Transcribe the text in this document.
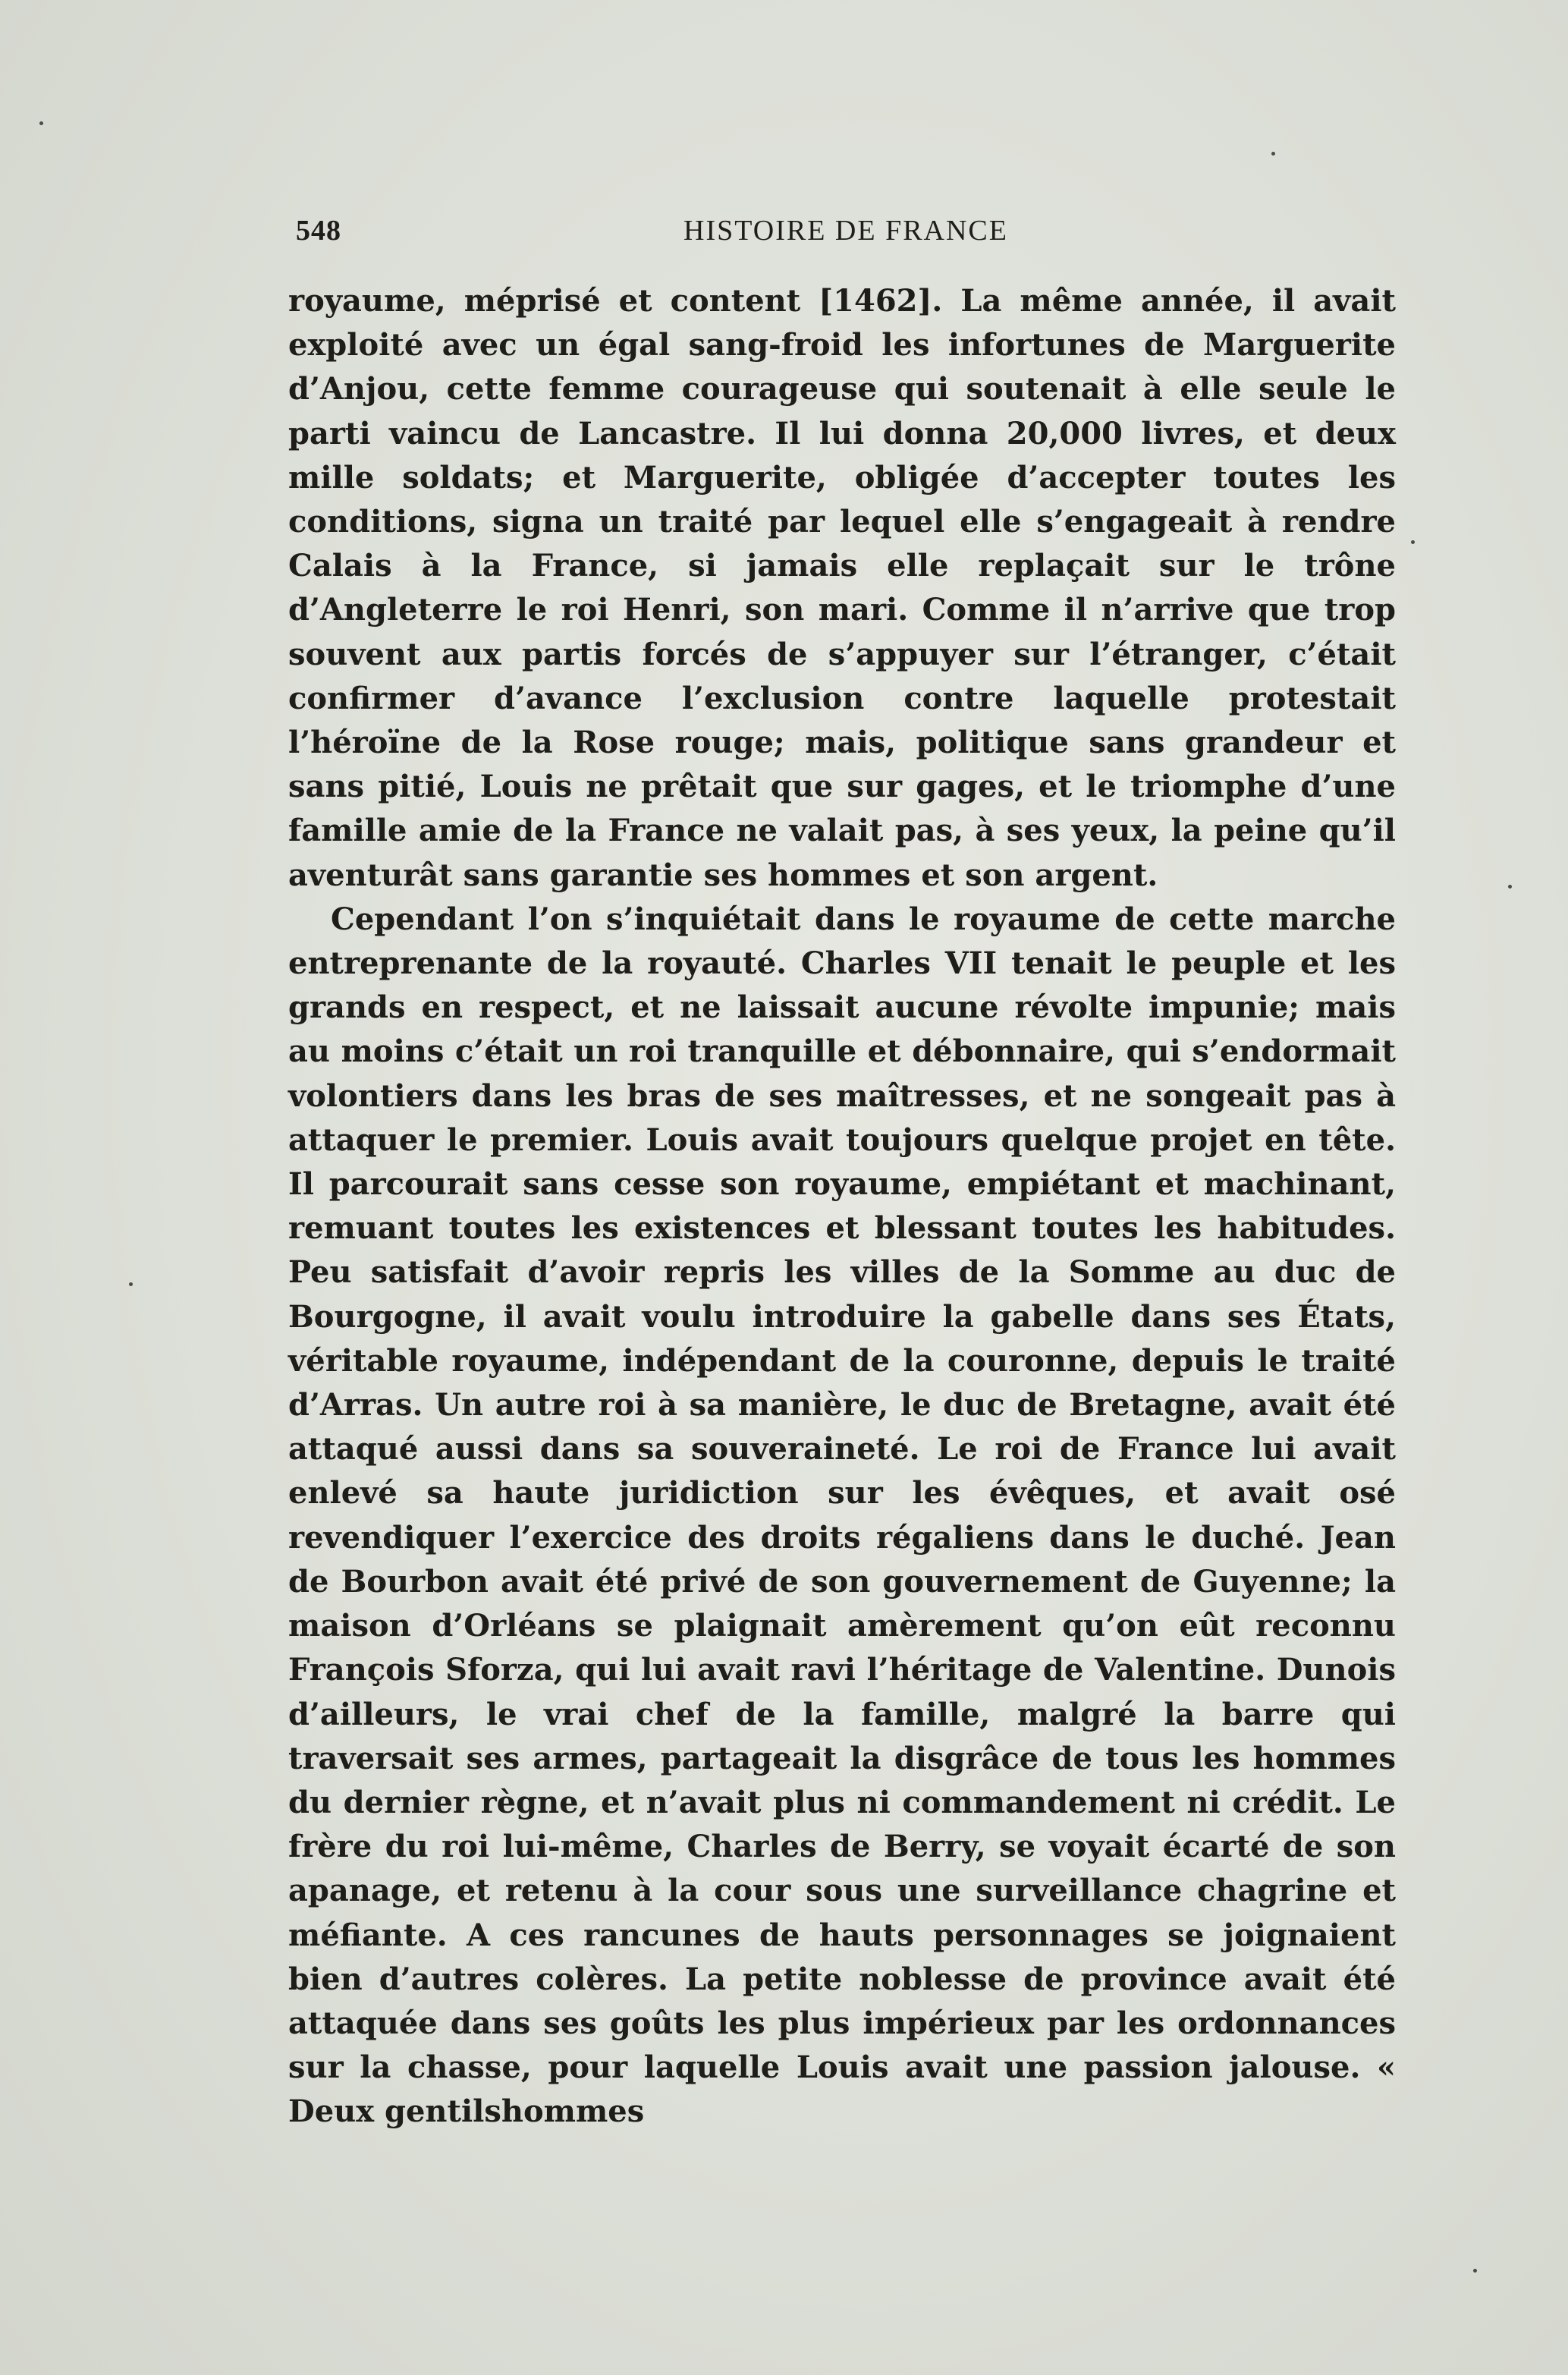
548	HISTOIRE DE FRANCE

royaume, méprisé et content [1462]. La même année, il avait exploité avec un égal sang-froid les infortunes de Marguerite d’Anjou, cette femme courageuse qui soutenait à elle seule le parti vaincu de Lancastre. Il lui donna 20,000 livres, et deux mille soldats; et Marguerite, obligée d’accepter toutes les conditions, signa un traité par lequel elle s’engageait à rendre Calais à la France, si jamais elle replaçait sur le trône d’Angleterre le roi Henri, son mari. Comme il n’arrive que trop souvent aux partis forcés de s’appuyer sur l’étranger, c’était confirmer d’avance l’exclusion contre laquelle protestait l’héroïne de la Rose rouge; mais, politique sans grandeur et sans pitié, Louis ne prêtait que sur gages, et le triomphe d’une famille amie de la France ne valait pas, à ses yeux, la peine qu’il aventurât sans garantie ses hommes et son argent.

Cependant l’on s’inquiétait dans le royaume de cette marche entreprenante de la royauté. Charles VII tenait le peuple et les grands en respect, et ne laissait aucune révolte impunie; mais au moins c’était un roi tranquille et débonnaire, qui s’endormait volontiers dans les bras de ses maîtresses, et ne songeait pas à attaquer le premier. Louis avait toujours quelque projet en tête. Il parcourait sans cesse son royaume, empiétant et machinant, remuant toutes les existences et blessant toutes les habitudes. Peu satisfait d’avoir repris les villes de la Somme au duc de Bourgogne, il avait voulu introduire la gabelle dans ses États, véritable royaume, indépendant de la couronne, depuis le traité d’Arras. Un autre roi à sa manière, le duc de Bretagne, avait été attaqué aussi dans sa souveraineté. Le roi de France lui avait enlevé sa haute juridiction sur les évêques, et avait osé revendiquer l’exercice des droits régaliens dans le duché. Jean de Bourbon avait été privé de son gouvernement de Guyenne; la maison d’Orléans se plaignait amèrement qu’on eût reconnu François Sforza, qui lui avait ravi l’héritage de Valentine. Dunois d’ailleurs, le vrai chef de la famille, malgré la barre qui traversait ses armes, partageait la disgrâce de tous les hommes du dernier règne, et n’avait plus ni commandement ni crédit. Le frère du roi lui-même, Charles de Berry, se voyait écarté de son apanage, et retenu à la cour sous une surveillance chagrine et méfiante. A ces rancunes de hauts personnages se joignaient bien d’autres colères. La petite noblesse de province avait été attaquée dans ses goûts les plus impérieux par les ordonnances sur la chasse, pour laquelle Louis avait une passion jalouse. « Deux gentilshommes
